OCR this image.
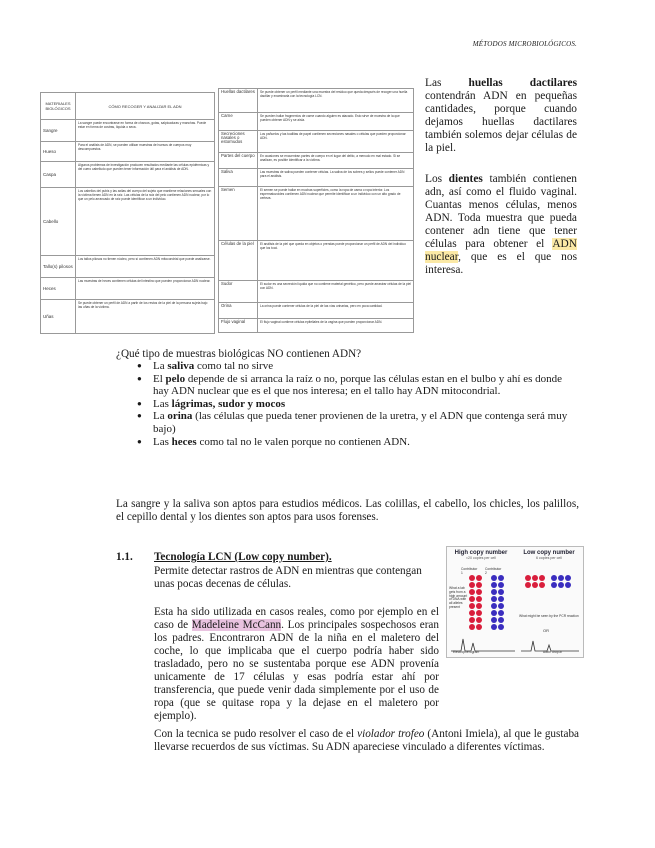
MÉTODOS MICROBIOLÓGICOS.
MATERIALES BIOLÓGICOS	CÓMO RECOGER Y ANALIZAR EL ADN
Sangre	La sangre puede encontrarse en forma de charcos, gotas, salpicaduras y manchas. Puede estar en forma de costras, líquida o seca.
Hueso	Para el análisis de ADN, se pueden utilizar muestras de huesos de cuerpos muy descompuestos.
Caspa	Algunos problemas de investigación producen resultados mediante las células epidérmicas y del cuero cabelludo que pueden tener información útil para el análisis de ADN.
Cabello	Los cabellos del pubis y las axilas del cuerpo del sujeto que mantiene relaciones sexuales con la víctima tienen ADN en la raíz. Las células de la raíz del pelo contienen ADN nuclear, por lo que un pelo arrancado de raíz puede identificar a un individuo.
Tallo(s) pilosos	Los tallos pilosos no tienen núcleo, pero sí contienen ADN mitocondrial que puede analizarse.
Heces	Las muestras de heces contienen células del intestino que pueden proporcionar ADN nuclear.
Uñas	Se puede obtener un perfil de ADN a partir de los restos de la piel de la persona sujeta bajo las uñas de la víctima.
Huellas dactilares	Se puede obtener un perfil mediante una muestra del residuo que queda después de recoger una huella dactilar y examinarla con la tecnología LCN.
Carne	Se pueden hallar fragmentos de carne cuando alguien es atacado. Esto sirve de muestra de la que pueden obtener ADN y se aísla.
Secreciones nasales o estornudos	Los pañuelos y las toallitas de papel contienen secreciones nasales o células que pueden proporcionar ADN.
Partes del cuerpo	En ocasiones se encuentran partes de cuerpo en el lugar del delito, a menudo en mal estado. Si se analizan, es posible identificar a la víctima.
Saliva	Las muestras de saliva pueden contener células. La saliva de los sobres y sellos puede contener ADN para el análisis.
Semen	El semen se puede hallar en muchas superficies, como la ropa de cama o ropa interior. Los espermatozoides contienen ADN nuclear que permite identificar a un individuo con un alto grado de certeza.
Células de la piel	El análisis de la piel que queda en objetos o prendas puede proporcionar un perfil de ADN del individuo que los tocó.
Sudor	El sudor es una secreción líquida que no contiene material genético, pero puede arrastrar células de la piel con ADN.
Orina	La orina puede contener células de la piel de las vías urinarias, pero en poca cantidad.
Flujo vaginal	El flujo vaginal contiene células epiteliales de la vagina que pueden proporcionar ADN.
Las huellas dactilares contendrán ADN en pequeñas cantidades, porque cuando dejamos huellas dactilares también solemos dejar células de la piel.
Los dientes también contienen adn, así como el fluido vaginal. Cuantas menos células, menos ADN. Toda muestra que pueda contener adn tiene que tener células para obtener el ADN nuclear, que es el que nos interesa.
¿Qué tipo de muestras biológicas NO contienen ADN?
● La saliva como tal no sirve
● El pelo depende de si arranca la raíz o no, porque las células estan en el bulbo y ahí es donde hay ADN nuclear que es el que nos interesa; en el tallo hay ADN mitocondrial.
● Las lágrimas, sudor y mocos
● La orina (las células que pueda tener provienen de la uretra, y el ADN que contenga será muy bajo)
● Las heces como tal no le valen porque no contienen ADN.
La sangre y la saliva son aptos para estudios médicos. Las colillas, el cabello, los chicles, los palillos, el cepillo dental y los dientes son aptos para usos forenses.
1.1. Tecnología LCN (Low copy number).
Permite detectar rastros de ADN en mientras que contengan unas pocas decenas de células.
Esta ha sido utilizada en casos reales, como por ejemplo en el caso de Madeleine McCann. Los principales sospechosos eran los padres. Encontraron ADN de la niña en el maletero del coche, lo que implicaba que el cuerpo podría haber sido trasladado, pero no se sustentaba porque ese ADN provenía unicamente de 17 células y esas podría estar ahí por transferencia, que puede venir dada simplemente por el uso de ropa (que se quitase ropa y la dejase en el maletero por ejemplo).
Con la tecnica se pudo resolver el caso de el violador trofeo (Antoni Imiela), al que le gustaba llevarse recuerdos de sus víctimas. Su ADN apareciese vinculado a diferentes víctimas.
High copy number
≈20 copies per cell
Low copy number
6 copies per cell
Contributor 1
Contributor 2
What a lab gets from a high amount of DNA with all alleles present
What might be seen by the PCR reaction
OR
Electropherogram	Allele drop-in
